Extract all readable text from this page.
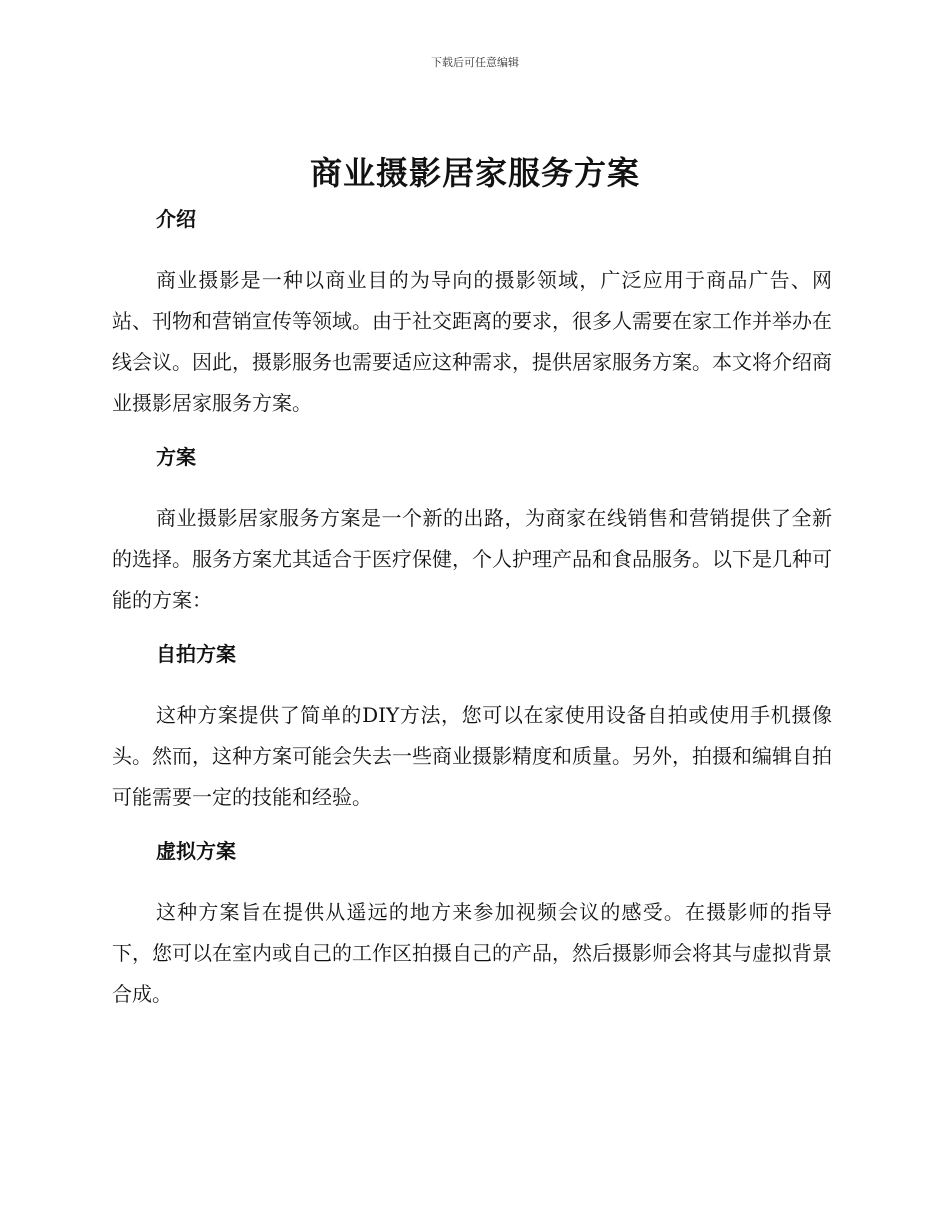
下载后可任意编辑
商业摄影居家服务方案
介绍

商业摄影是一种以商业目的为导向的摄影领域，广泛应用于商品广告、网站、刊物和营销宣传等领域。由于社交距离的要求，很多人需要在家工作并举办在线会议。因此，摄影服务也需要适应这种需求，提供居家服务方案。本文将介绍商业摄影居家服务方案。

方案

商业摄影居家服务方案是一个新的出路，为商家在线销售和营销提供了全新的选择。服务方案尤其适合于医疗保健，个人护理产品和食品服务。以下是几种可能的方案：

自拍方案

这种方案提供了简单的DIY方法，您可以在家使用设备自拍或使用手机摄像头。然而，这种方案可能会失去一些商业摄影精度和质量。另外，拍摄和编辑自拍可能需要一定的技能和经验。

虚拟方案

这种方案旨在提供从遥远的地方来参加视频会议的感受。在摄影师的指导下，您可以在室内或自己的工作区拍摄自己的产品，然后摄影师会将其与虚拟背景合成。
